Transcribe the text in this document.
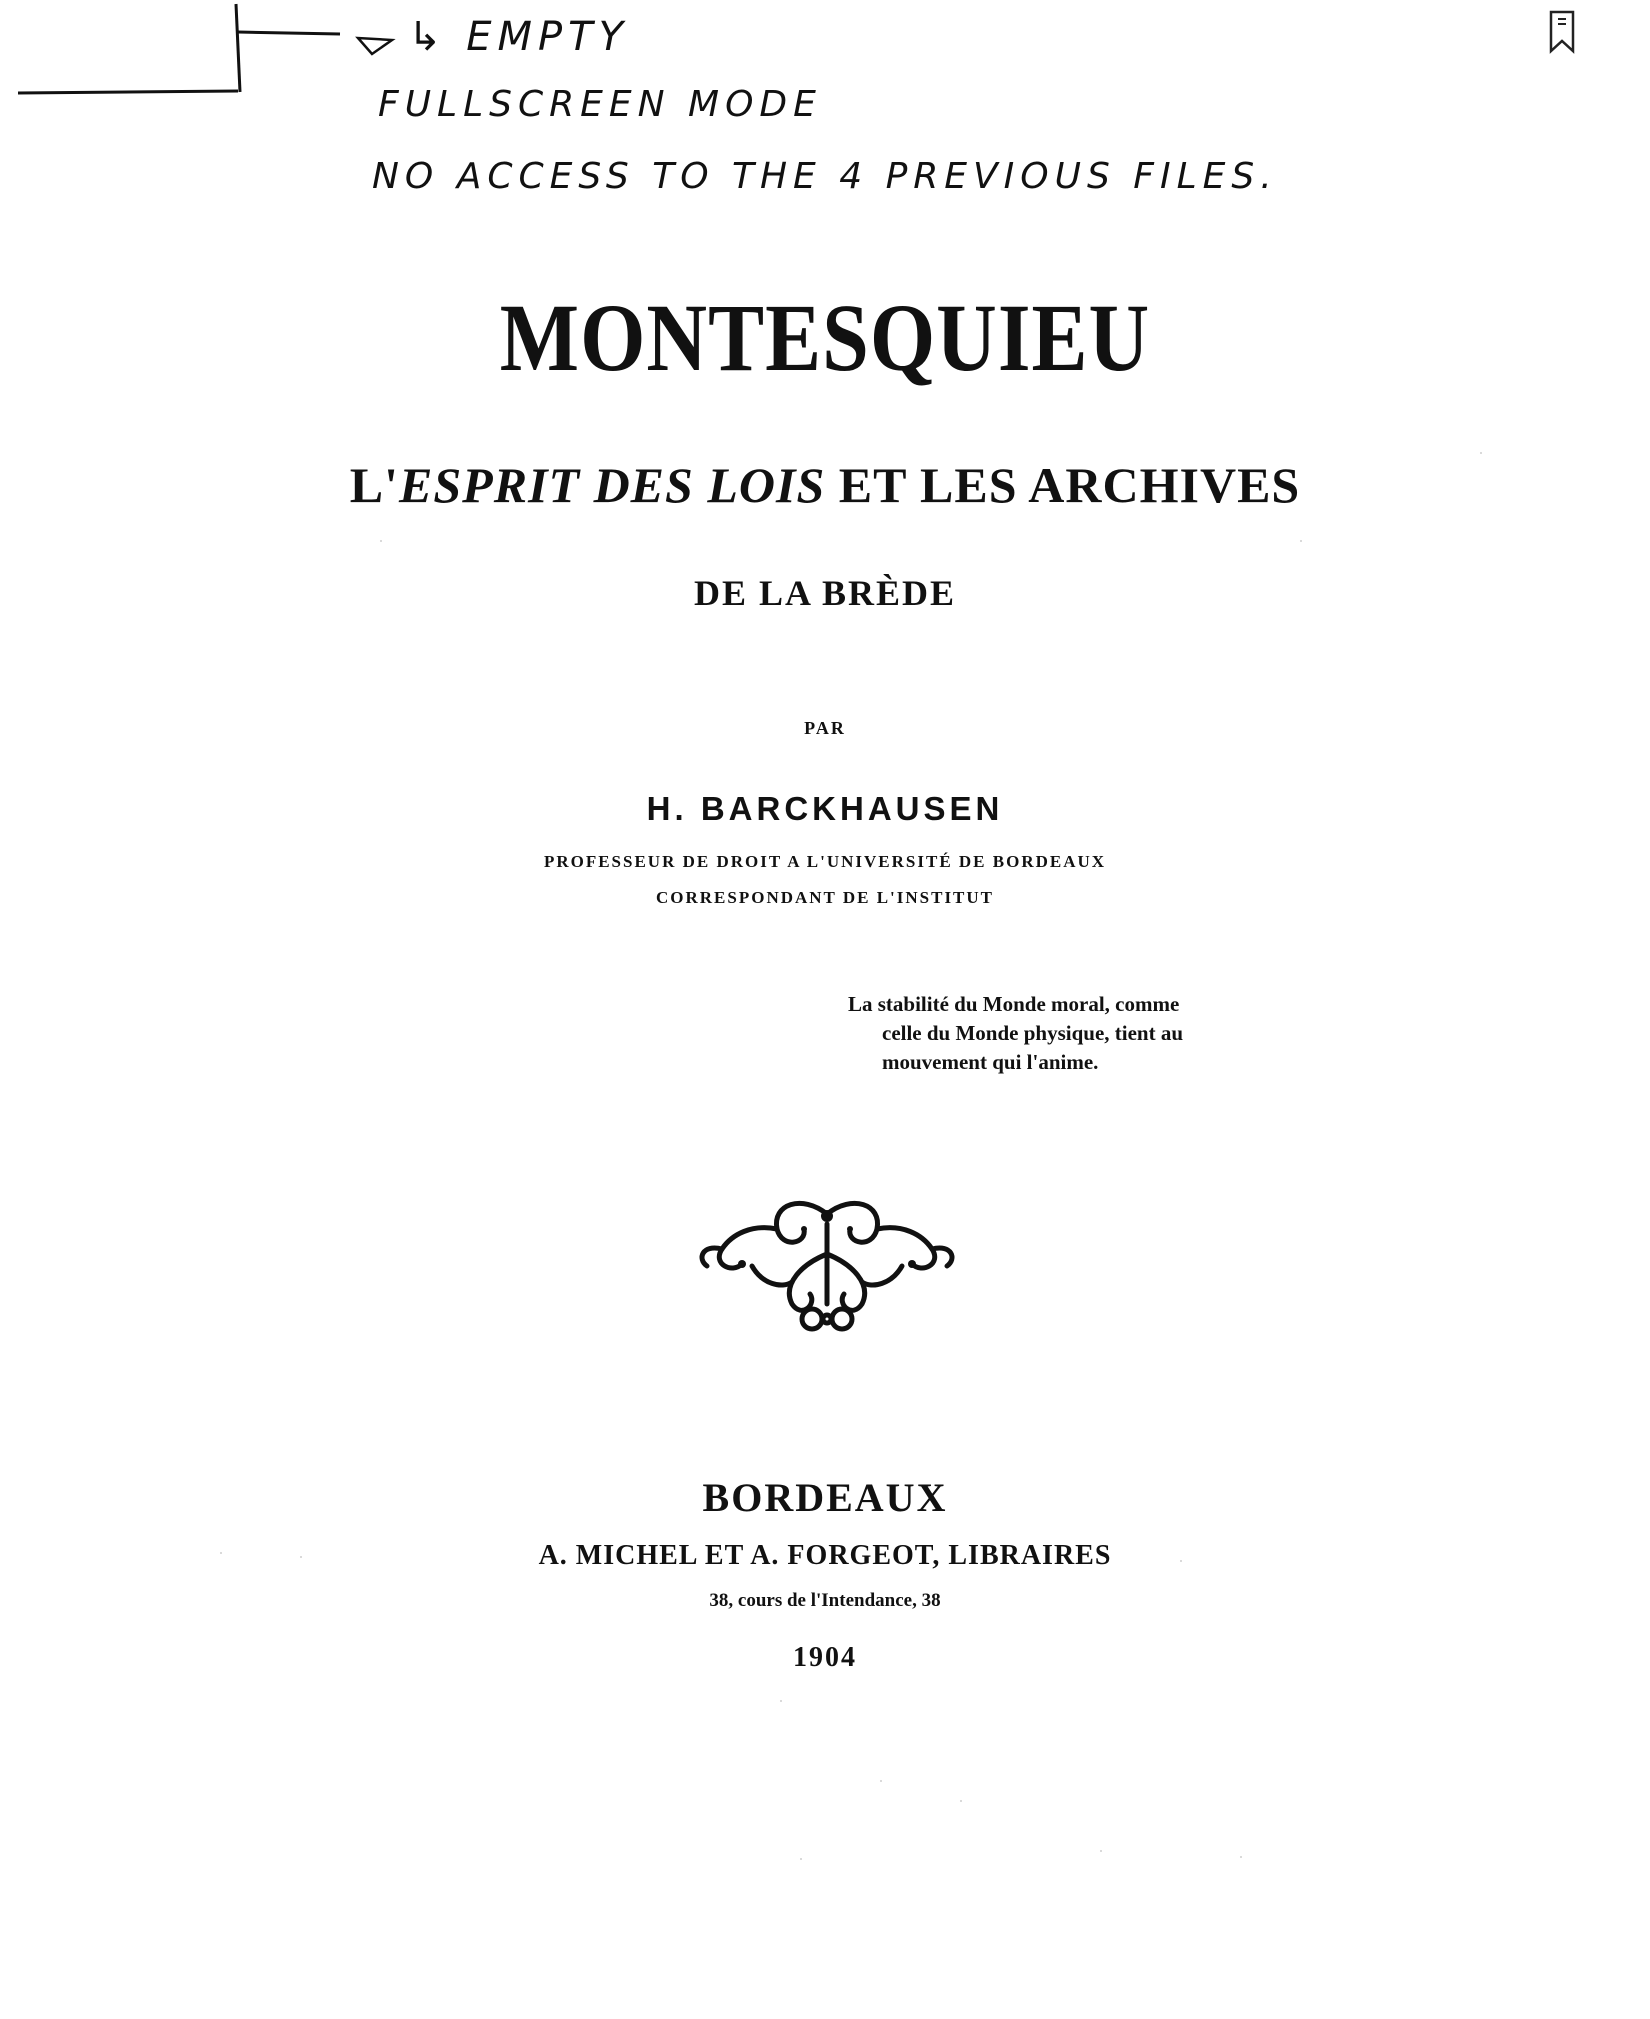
↳ EMPTY
FULLSCREEN MODE
NO ACCESS TO THE 4 PREVIOUS FILES.
MONTESQUIEU
L'ESPRIT DES LOIS ET LES ARCHIVES
DE LA BRÈDE
PAR
H. BARCKHAUSEN
PROFESSEUR DE DROIT A L'UNIVERSITÉ DE BORDEAUX
CORRESPONDANT DE L'INSTITUT
La stabilité du Monde moral, comme
celle du Monde physique, tient au
mouvement qui l'anime.
BORDEAUX
A. MICHEL ET A. FORGEOT, LIBRAIRES
38, cours de l'Intendance, 38
1904
